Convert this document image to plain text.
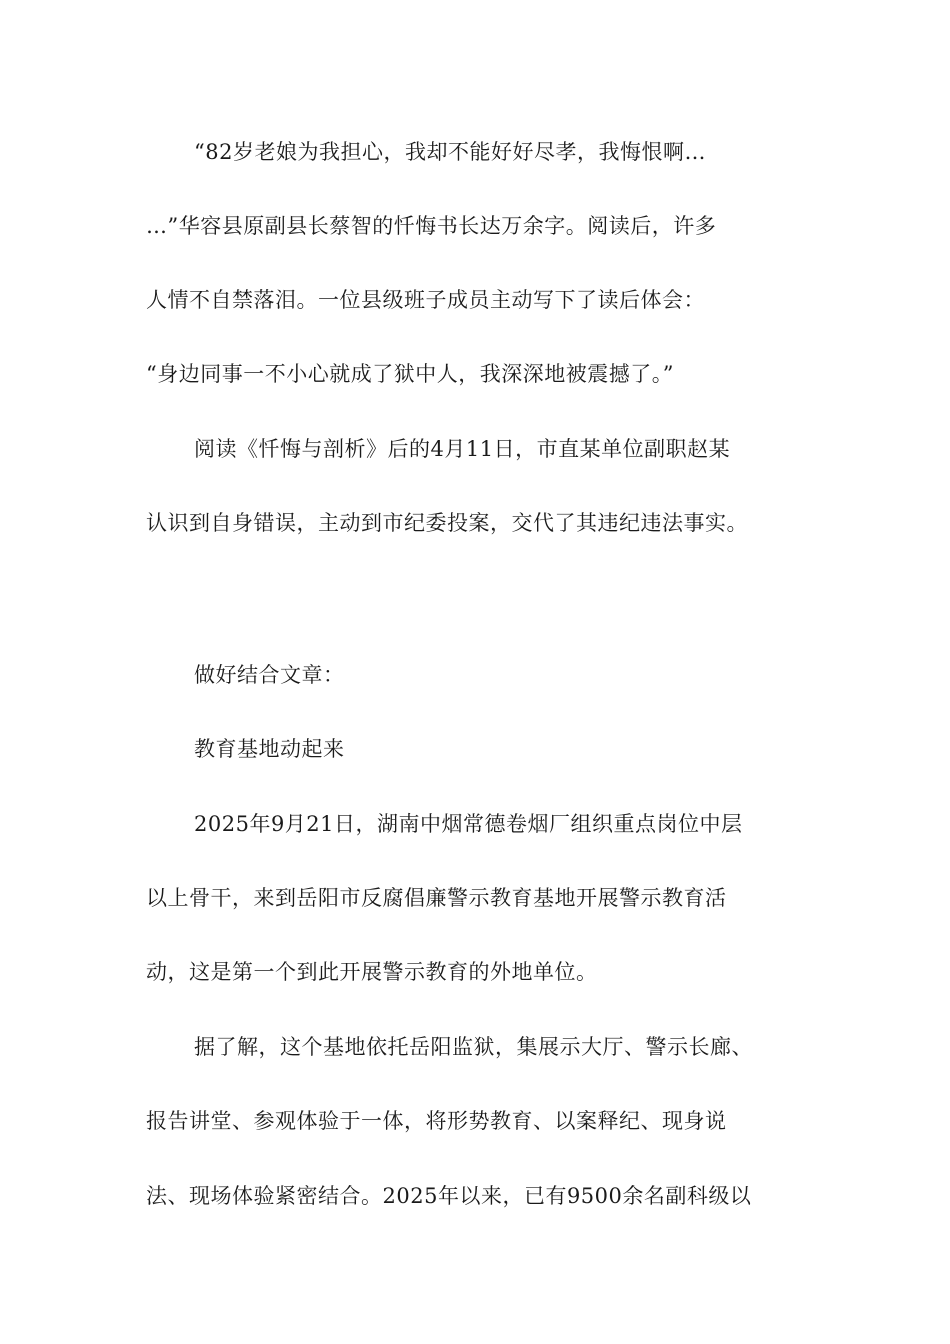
“82岁老娘为我担心，我却不能好好尽孝，我悔恨啊…
…”华容县原副县长蔡智的忏悔书长达万余字。阅读后，许多
人情不自禁落泪。一位县级班子成员主动写下了读后体会：
“身边同事一不小心就成了狱中人，我深深地被震撼了。”
阅读《忏悔与剖析》后的4月11日，市直某单位副职赵某
认识到自身错误，主动到市纪委投案，交代了其违纪违法事实。
做好结合文章：
教育基地动起来
2025年9月21日，湖南中烟常德卷烟厂组织重点岗位中层
以上骨干，来到岳阳市反腐倡廉警示教育基地开展警示教育活
动，这是第一个到此开展警示教育的外地单位。
据了解，这个基地依托岳阳监狱，集展示大厅、警示长廊、
报告讲堂、参观体验于一体，将形势教育、以案释纪、现身说
法、现场体验紧密结合。2025年以来，已有9500余名副科级以
